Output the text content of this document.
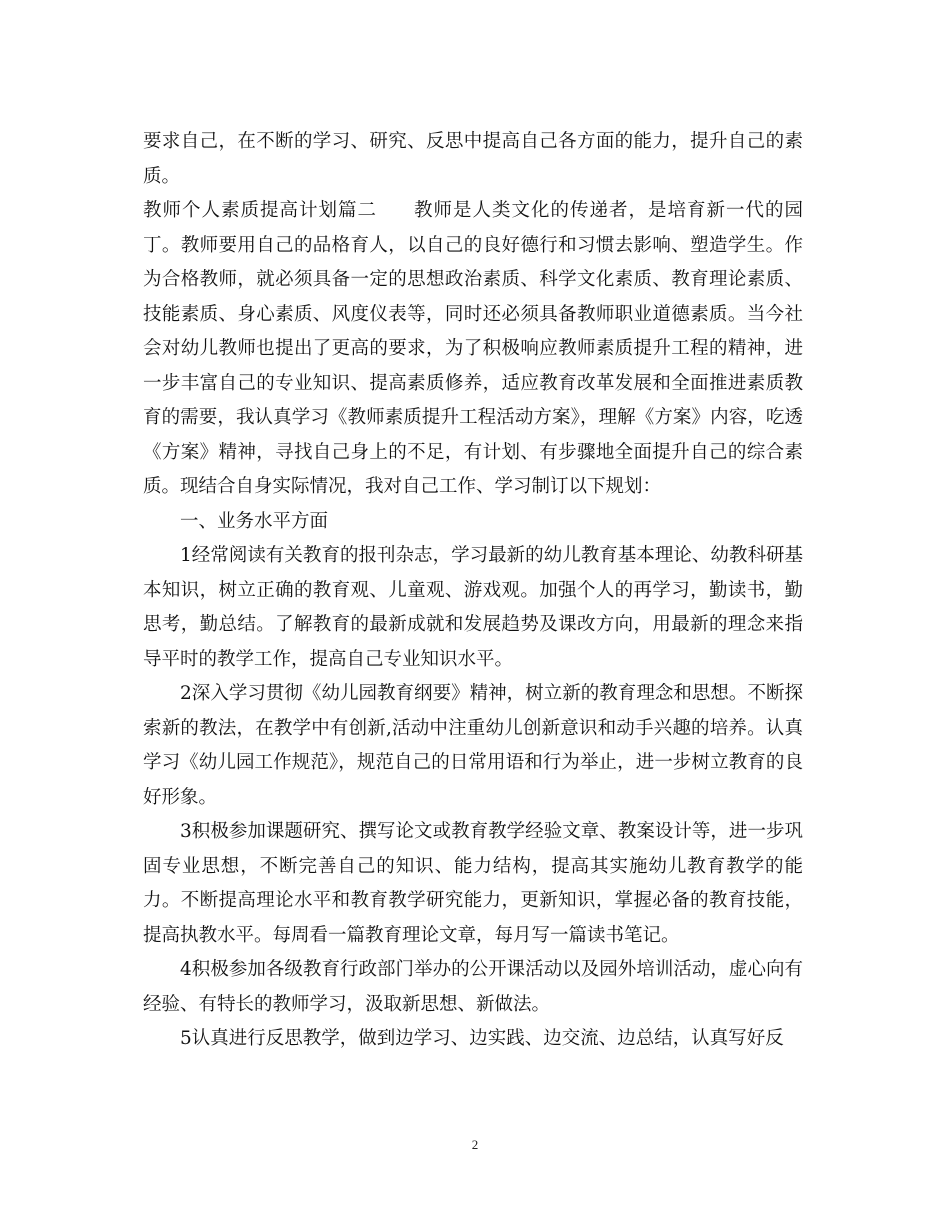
要求自己，在不断的学习、研究、反思中提高自己各方面的能力，提升自己的素质。

教师个人素质提高计划篇二 教师是人类文化的传递者，是培育新一代的园丁。教师要用自己的品格育人，以自己的良好德行和习惯去影响、塑造学生。作为合格教师，就必须具备一定的思想政治素质、科学文化素质、教育理论素质、技能素质、身心素质、风度仪表等，同时还必须具备教师职业道德素质。当今社会对幼儿教师也提出了更高的要求，为了积极响应教师素质提升工程的精神，进一步丰富自己的专业知识、提高素质修养，适应教育改革发展和全面推进素质教育的需要，我认真学习《教师素质提升工程活动方案》，理解《方案》内容，吃透《方案》精神，寻找自己身上的不足，有计划、有步骤地全面提升自己的综合素质。现结合自身实际情况，我对自己工作、学习制订以下规划：

一、业务水平方面

1经常阅读有关教育的报刊杂志，学习最新的幼儿教育基本理论、幼教科研基本知识，树立正确的教育观、儿童观、游戏观。加强个人的再学习，勤读书，勤思考，勤总结。了解教育的最新成就和发展趋势及课改方向，用最新的理念来指导平时的教学工作，提高自己专业知识水平。

2深入学习贯彻《幼儿园教育纲要》精神，树立新的教育理念和思想。不断探索新的教法，在教学中有创新,活动中注重幼儿创新意识和动手兴趣的培养。认真学习《幼儿园工作规范》，规范自己的日常用语和行为举止，进一步树立教育的良好形象。

3积极参加课题研究、撰写论文或教育教学经验文章、教案设计等，进一步巩固专业思想，不断完善自己的知识、能力结构，提高其实施幼儿教育教学的能力。不断提高理论水平和教育教学研究能力，更新知识，掌握必备的教育技能，提高执教水平。每周看一篇教育理论文章，每月写一篇读书笔记。

4积极参加各级教育行政部门举办的公开课活动以及园外培训活动，虚心向有经验、有特长的教师学习，汲取新思想、新做法。

5认真进行反思教学，做到边学习、边实践、边交流、边总结，认真写好反

2
